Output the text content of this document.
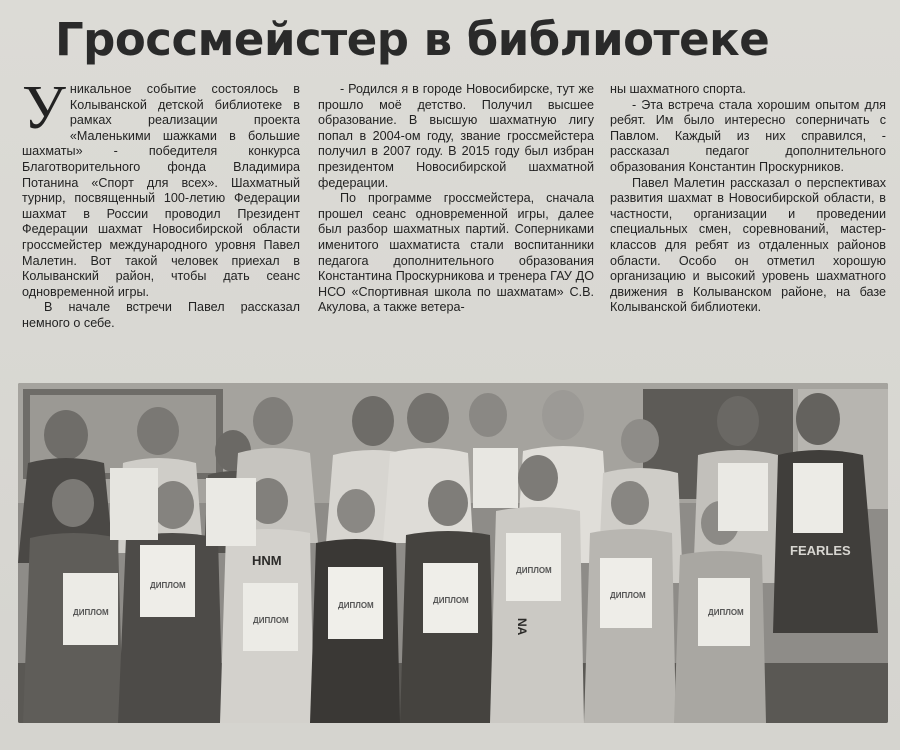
Гроссмейстер в библиотеке
У никальное событие состоялось в Колыванской детской библиотеке в рамках реализации проекта «Маленькими шажками в большие шахматы» - победителя конкурса Благотворительного фонда Владимира Потанина «Спорт для всех». Шахматный турнир, посвященный 100-летию Федерации шахмат в России проводил Президент Федерации шахмат Новосибирской области гроссмейстер международного уровня Павел Малетин. Вот такой человек приехал в Колыванский район, чтобы дать сеанс одновременной игры.

В начале встречи Павел рассказал немного о себе.

- Родился я в городе Новосибирске, тут же прошло моё детство. Получил высшее образование. В высшую шахматную лигу попал в 2004-ом году, звание гроссмейстера получил в 2007 году. В 2015 году был избран президентом Новосибирской шахматной федерации.

По программе гроссмейстера, сначала прошел сеанс одновременной игры, далее был разбор шахматных партий. Соперниками именитого шахматиста стали воспитанники педагога дополнительного образования Константина Проскурникова и тренера ГАУ ДО НСО «Спортивная школа по шахматам» С.В. Акулова, а также ветера-

ны шахматного спорта.

- Эта встреча стала хорошим опытом для ребят. Им было интересно соперничать с Павлом. Каждый из них справился, - рассказал педагог дополнительного образования Константин Проскурников.

Павел Малетин рассказал о перспективах развития шахмат в Новосибирской области, в частности, организации и проведении специальных смен, соревнований, мастер-классов для ребят из отдаленных районов области. Особо он отметил хорошую организацию и высокий уровень шахматного движения в Колыванском районе, на базе Колыванской библиотеки.

ДИПЛОМ
ДИПЛОМ
ДИПЛОМ
ДИПЛОМ
ДИПЛОМ
ДИПЛОМ
ДИПЛОМ
ДИПЛОМ
FEARLES
NA
HNM
